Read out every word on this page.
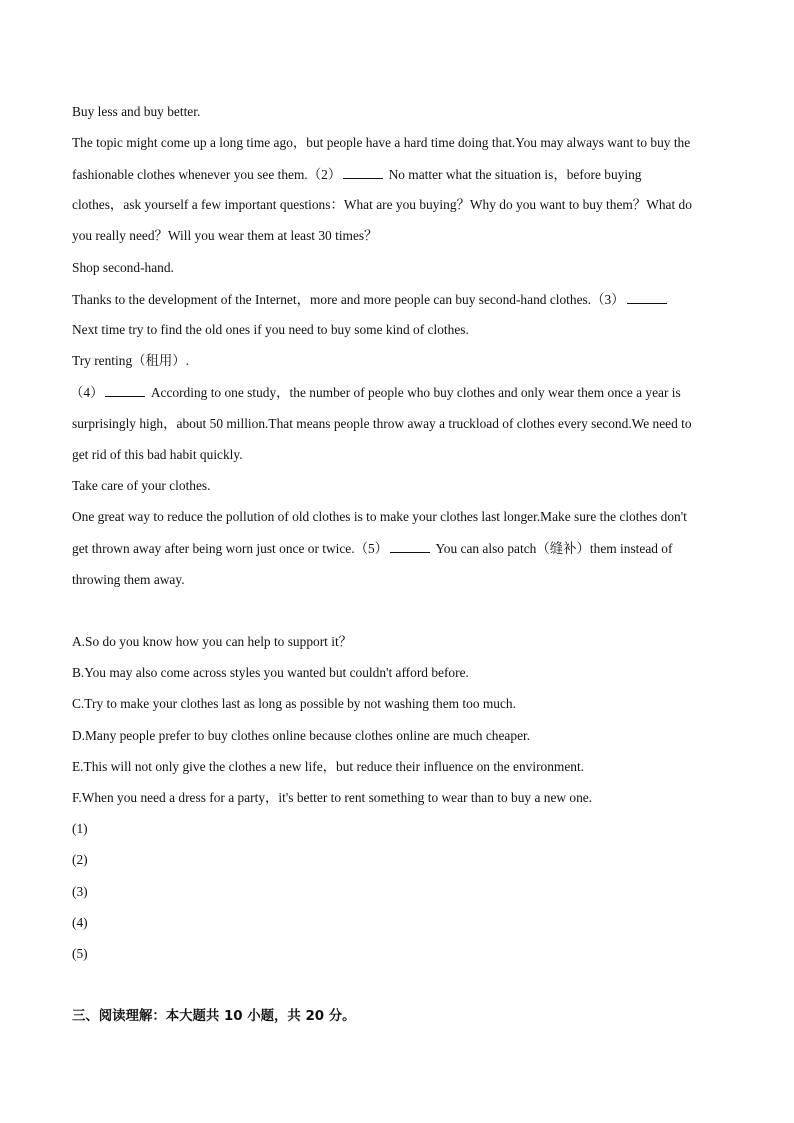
Buy less and buy better.
The topic might come up a long time ago，but people have a hard time doing that.You may always want to buy the
fashionable clothes whenever you see them.（2）	No matter what the situation is，before buying
clothes，ask yourself a few important questions：What are you buying？Why do you want to buy them？What do
you really need？Will you wear them at least 30 times？
Shop second-hand.
Thanks to the development of the Internet，more and more people can buy second-hand clothes.（3）
Next time try to find the old ones if you need to buy some kind of clothes.
Try renting（租用）.
（4）	According to one study，the number of people who buy clothes and only wear them once a year is
surprisingly high，about 50 million.That means people throw away a truckload of clothes every second.We need to
get rid of this bad habit quickly.
Take care of your clothes.
One great way to reduce the pollution of old clothes is to make your clothes last longer.Make sure the clothes don't
get thrown away after being worn just once or twice.（5）	You can also patch（缝补）them instead of
throwing them away.
A.So do you know how you can help to support it？
B.You may also come across styles you wanted but couldn't afford before.
C.Try to make your clothes last as long as possible by not washing them too much.
D.Many people prefer to buy clothes online because clothes online are much cheaper.
E.This will not only give the clothes a new life，but reduce their influence on the environment.
F.When you need a dress for a party，it's better to rent something to wear than to buy a new one.
(1)
(2)
(3)
(4)
(5)
三、阅读理解：本大题共 10 小题，共 20 分。
